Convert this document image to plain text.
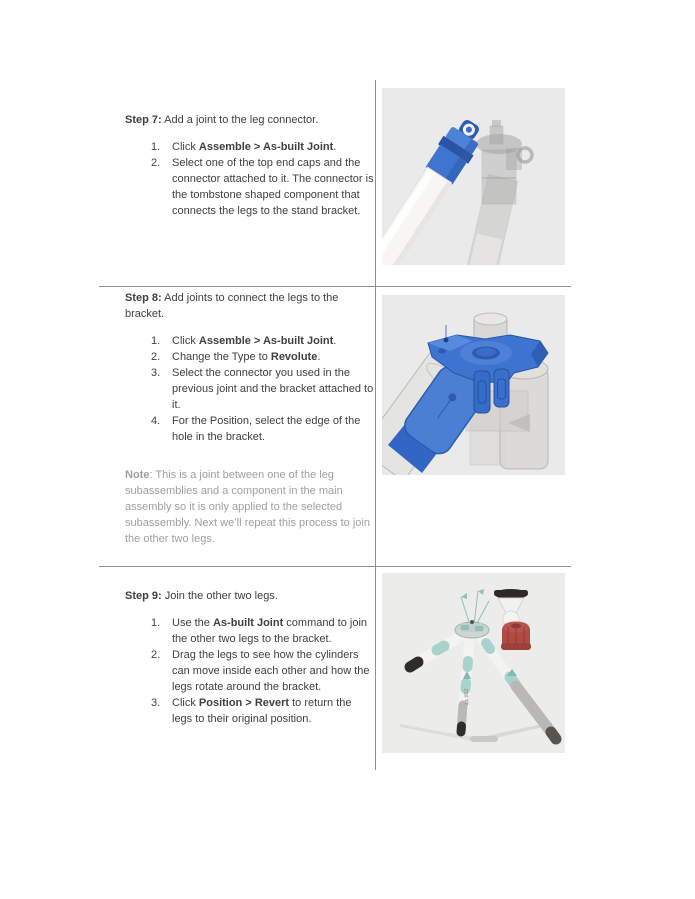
Step 7: Add a joint to the leg connector.

1.	Click Assemble > As-built Joint.
2.	Select one of the top end caps and the connector attached to it. The connector is the tombstone shaped component that connects the legs to the stand bracket.

Step 8: Add joints to connect the legs to the bracket.

1.	Click Assemble > As-built Joint.
2.	Change the Type to Revolute.
3.	Select the connector you used in the previous joint and the bracket attached to it.
4.	For the Position, select the edge of the hole in the bracket.

Note: This is a joint between one of the leg subassemblies and a component in the main assembly so it is only applied to the selected subassembly. Next we’ll repeat this process to join the other two legs.

Step 9: Join the other two legs.

1.	Use the As-built Joint command to join the other two legs to the bracket.
2.	Drag the legs to see how the cylinders can move inside each other and how the legs rotate around the bracket.
3.	Click Position > Revert to return the legs to their original position.
44.852
